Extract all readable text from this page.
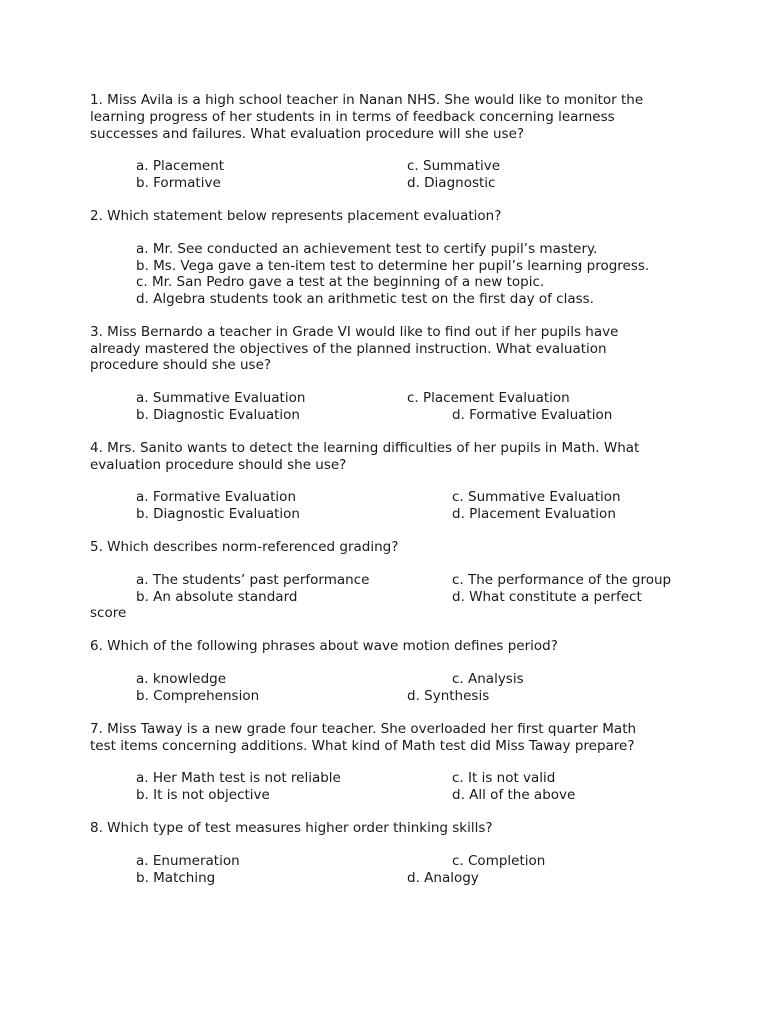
1. Miss Avila is a high school teacher in Nanan NHS. She would like to monitor the
learning progress of her students in in terms of feedback concerning learness
successes and failures. What evaluation procedure will she use?
a. Placement
b. Formative
c. Summative
d. Diagnostic
2. Which statement below represents placement evaluation?
a. Mr. See conducted an achievement test to certify pupil’s mastery.
b. Ms. Vega gave a ten-item test to determine her pupil’s learning progress.
c. Mr. San Pedro gave a test at the beginning of a new topic.
d. Algebra students took an arithmetic test on the first day of class.
3. Miss Bernardo a teacher in Grade VI would like to find out if her pupils have
already mastered the objectives of the planned instruction. What evaluation
procedure should she use?
a. Summative Evaluation
b. Diagnostic Evaluation
c. Placement Evaluation
d. Formative Evaluation
4. Mrs. Sanito wants to detect the learning difficulties of her pupils in Math. What
evaluation procedure should she use?
a. Formative Evaluation
b. Diagnostic Evaluation
c. Summative Evaluation
d. Placement Evaluation
5. Which describes norm-referenced grading?
a. The students’ past performance
b. An absolute standard
c. The performance of the group
d. What constitute a perfect
score
6. Which of the following phrases about wave motion defines period?
a. knowledge
b. Comprehension
c. Analysis
d. Synthesis
7. Miss Taway is a new grade four teacher. She overloaded her first quarter Math
test items concerning additions. What kind of Math test did Miss Taway prepare?
a. Her Math test is not reliable
b. It is not objective
c. It is not valid
d. All of the above
8. Which type of test measures higher order thinking skills?
a. Enumeration
b. Matching
c. Completion
d. Analogy
